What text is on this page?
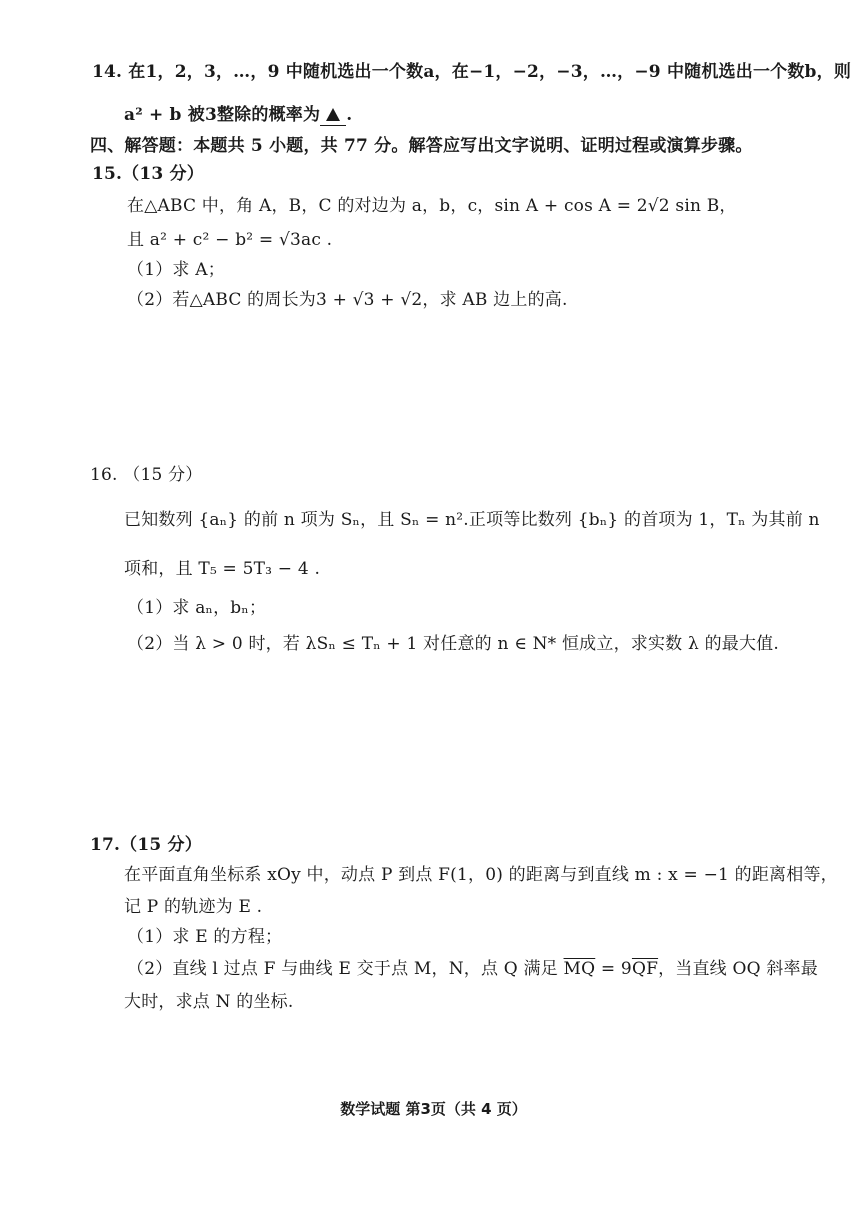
14. 在1，2，3，…，9 中随机选出一个数a，在−1，−2，−3，…，−9 中随机选出一个数b，则
a² + b 被3整除的概率为 .
四、解答题：本题共 5 小题，共 77 分。解答应写出文字说明、证明过程或演算步骤。
15.（13 分）
在△ABC 中，角 A，B，C 的对边为 a，b，c，sin A + cos A = 2√2 sin B，
且 a² + c² − b² = √3ac .
（1）求 A；
（2）若△ABC 的周长为3 + √3 + √2，求 AB 边上的高.
16. （15 分）
已知数列 {aₙ} 的前 n 项为 Sₙ，且 Sₙ = n².正项等比数列 {bₙ} 的首项为 1，Tₙ 为其前 n
项和，且 T₅ = 5T₃ − 4 .
（1）求 aₙ，bₙ；
（2）当 λ > 0 时，若 λSₙ ≤ Tₙ + 1 对任意的 n ∈ N* 恒成立，求实数 λ 的最大值.
17.（15 分）
在平面直角坐标系 xOy 中，动点 P 到点 F(1，0) 的距离与到直线 m : x = −1 的距离相等，
记 P 的轨迹为 E .
（1）求 E 的方程；
（2）直线 l 过点 F 与曲线 E 交于点 M，N，点 Q 满足 $\overline{MQ} = 9\overline{QF}$，当直线 OQ 斜率最
大时，求点 N 的坐标.
数学试题 第3页（共 4 页）
